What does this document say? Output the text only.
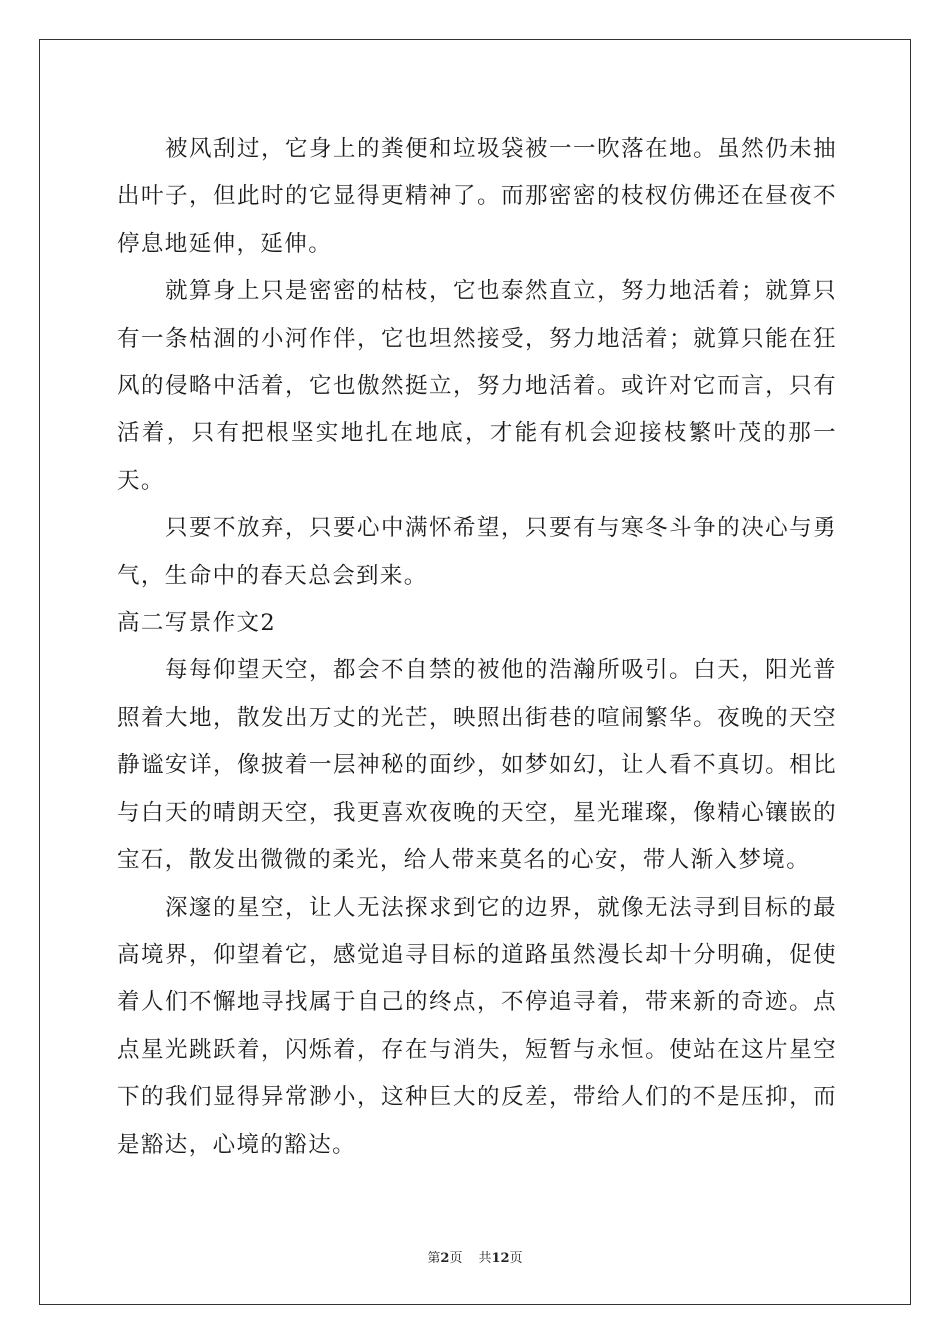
被风刮过，它身上的粪便和垃圾袋被一一吹落在地。虽然仍未抽出叶子，但此时的它显得更精神了。而那密密的枝杈仿佛还在昼夜不停息地延伸，延伸。

就算身上只是密密的枯枝，它也泰然直立，努力地活着；就算只有一条枯涸的小河作伴，它也坦然接受，努力地活着；就算只能在狂风的侵略中活着，它也傲然挺立，努力地活着。或许对它而言，只有活着，只有把根坚实地扎在地底，才能有机会迎接枝繁叶茂的那一天。

只要不放弃，只要心中满怀希望，只要有与寒冬斗争的决心与勇气，生命中的春天总会到来。

高二写景作文2

每每仰望天空，都会不自禁的被他的浩瀚所吸引。白天，阳光普照着大地，散发出万丈的光芒，映照出街巷的喧闹繁华。夜晚的天空静谧安详，像披着一层神秘的面纱，如梦如幻，让人看不真切。相比与白天的晴朗天空，我更喜欢夜晚的天空，星光璀璨，像精心镶嵌的宝石，散发出微微的柔光，给人带来莫名的心安，带人渐入梦境。

深邃的星空，让人无法探求到它的边界，就像无法寻到目标的最高境界，仰望着它，感觉追寻目标的道路虽然漫长却十分明确，促使着人们不懈地寻找属于自己的终点，不停追寻着，带来新的奇迹。点点星光跳跃着，闪烁着，存在与消失，短暂与永恒。使站在这片星空下的我们显得异常渺小，这种巨大的反差，带给人们的不是压抑，而是豁达，心境的豁达。

第2页 共12页
